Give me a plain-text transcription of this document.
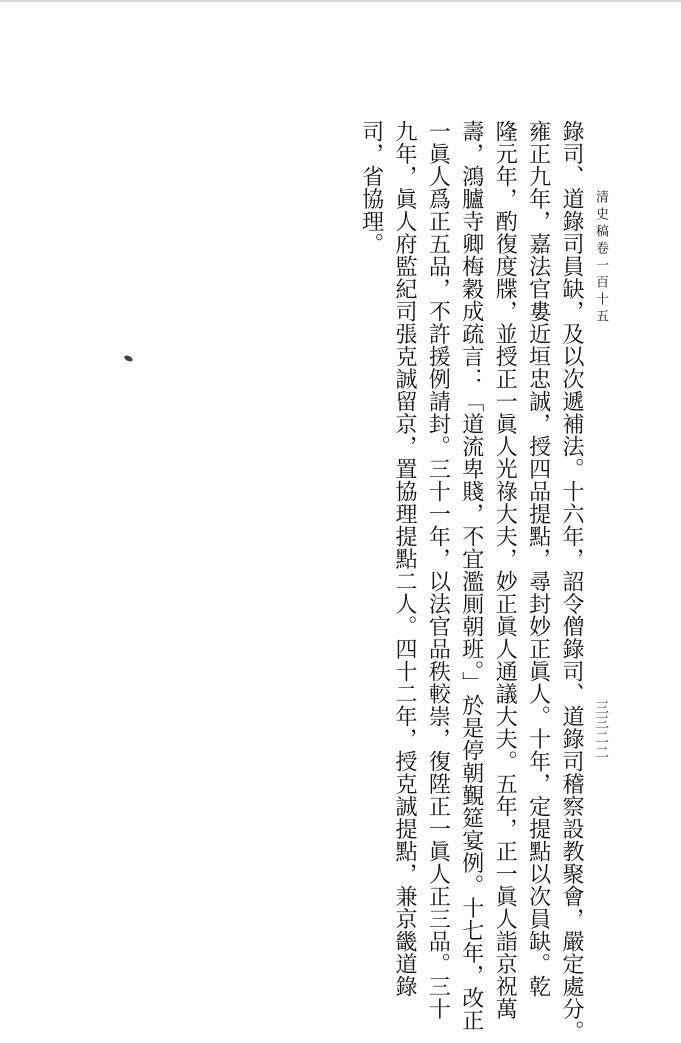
清史稿卷一百十五
三三二二
錄司、道錄司員缺，及以次遞補法。十六年，詔令僧錄司、道錄司稽察設教聚會，嚴定處分。
雍正九年，嘉法官婁近垣忠誠，授四品提點，尋封妙正眞人。十年，定提點以次員缺。乾
隆元年，酌復度牒，並授正一眞人光祿大夫，妙正眞人通議大夫。五年，正一眞人詣京祝萬
壽，鴻臚寺卿梅穀成疏言：「道流卑賤，不宜濫厠朝班。」於是停朝覲筵宴例。十七年，改正
一眞人爲正五品，不許援例請封。三十一年，以法官品秩較崇，復陞正一眞人正三品。三十
九年，眞人府監紀司張克誠留京，置協理提點二人。四十二年，授克誠提點，兼京畿道錄
司，省協理。
